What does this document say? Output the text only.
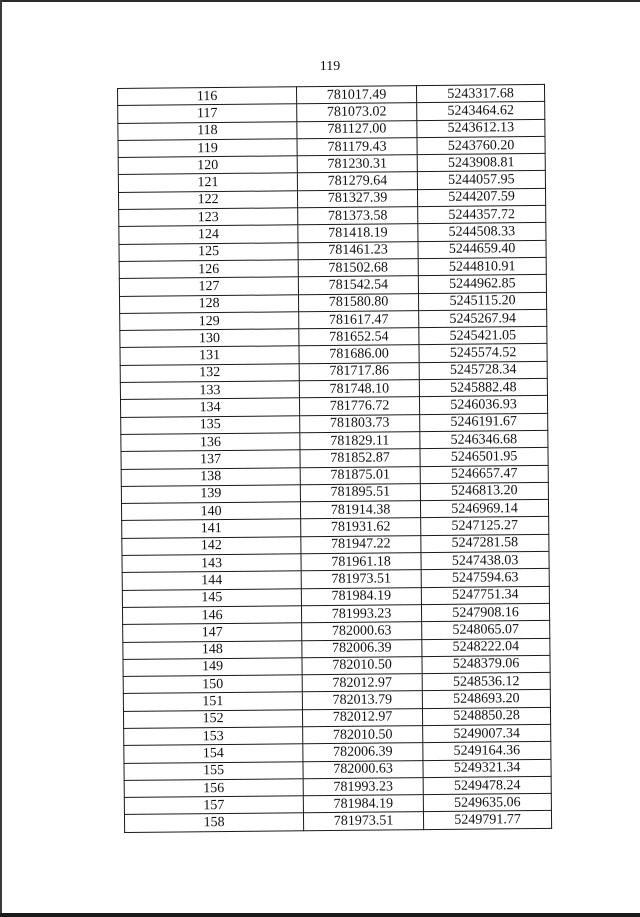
119
116	781017.49	5243317.68
117	781073.02	5243464.62
118	781127.00	5243612.13
119	781179.43	5243760.20
120	781230.31	5243908.81
121	781279.64	5244057.95
122	781327.39	5244207.59
123	781373.58	5244357.72
124	781418.19	5244508.33
125	781461.23	5244659.40
126	781502.68	5244810.91
127	781542.54	5244962.85
128	781580.80	5245115.20
129	781617.47	5245267.94
130	781652.54	5245421.05
131	781686.00	5245574.52
132	781717.86	5245728.34
133	781748.10	5245882.48
134	781776.72	5246036.93
135	781803.73	5246191.67
136	781829.11	5246346.68
137	781852.87	5246501.95
138	781875.01	5246657.47
139	781895.51	5246813.20
140	781914.38	5246969.14
141	781931.62	5247125.27
142	781947.22	5247281.58
143	781961.18	5247438.03
144	781973.51	5247594.63
145	781984.19	5247751.34
146	781993.23	5247908.16
147	782000.63	5248065.07
148	782006.39	5248222.04
149	782010.50	5248379.06
150	782012.97	5248536.12
151	782013.79	5248693.20
152	782012.97	5248850.28
153	782010.50	5249007.34
154	782006.39	5249164.36
155	782000.63	5249321.34
156	781993.23	5249478.24
157	781984.19	5249635.06
158	781973.51	5249791.77
